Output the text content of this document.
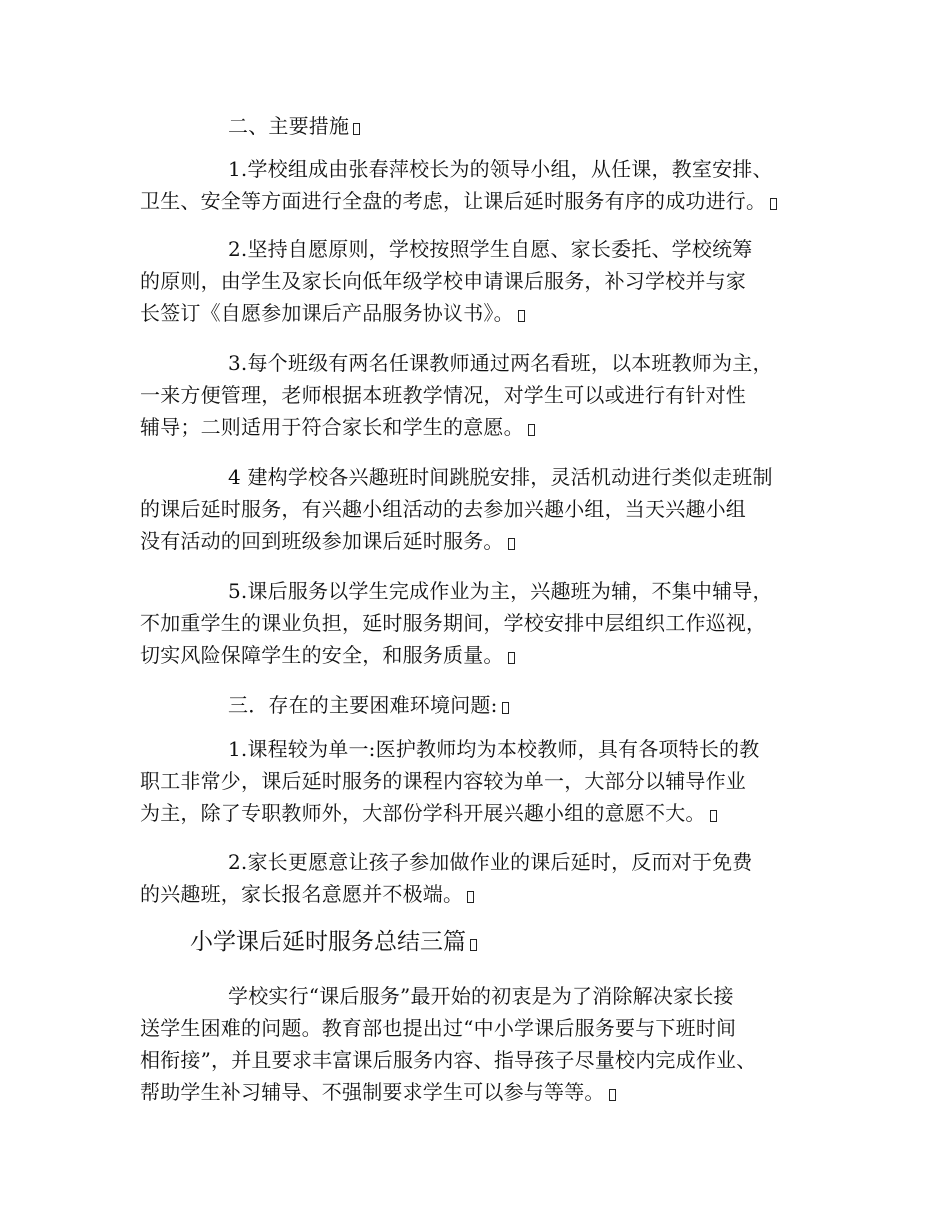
二、主要措施
1.学校组成由张春萍校长为的领导小组，从任课，教室安排、
卫生、安全等方面进行全盘的考虑，让课后延时服务有序的成功进行。
2.坚持自愿原则，学校按照学生自愿、家长委托、学校统筹
的原则，由学生及家长向低年级学校申请课后服务，补习学校并与家
长签订《自愿参加课后产品服务协议书》。
3.每个班级有两名任课教师通过两名看班，以本班教师为主，
一来方便管理，老师根据本班教学情况，对学生可以或进行有针对性
辅导；二则适用于符合家长和学生的意愿。
4 建构学校各兴趣班时间跳脱安排，灵活机动进行类似走班制
的课后延时服务，有兴趣小组活动的去参加兴趣小组，当天兴趣小组
没有活动的回到班级参加课后延时服务。
5.课后服务以学生完成作业为主，兴趣班为辅，不集中辅导，
不加重学生的课业负担，延时服务期间，学校安排中层组织工作巡视，
切实风险保障学生的安全，和服务质量。
三．存在的主要困难环境问题:
1.课程较为单一:医护教师均为本校教师，具有各项特长的教
职工非常少，课后延时服务的课程内容较为单一，大部分以辅导作业
为主，除了专职教师外，大部份学科开展兴趣小组的意愿不大。
2.家长更愿意让孩子参加做作业的课后延时，反而对于免费
的兴趣班，家长报名意愿并不极端。
小学课后延时服务总结三篇
学校实行“课后服务”最开始的初衷是为了消除解决家长接
送学生困难的问题。教育部也提出过“中小学课后服务要与下班时间
相衔接”，并且要求丰富课后服务内容、指导孩子尽量校内完成作业、
帮助学生补习辅导、不强制要求学生可以参与等等。
